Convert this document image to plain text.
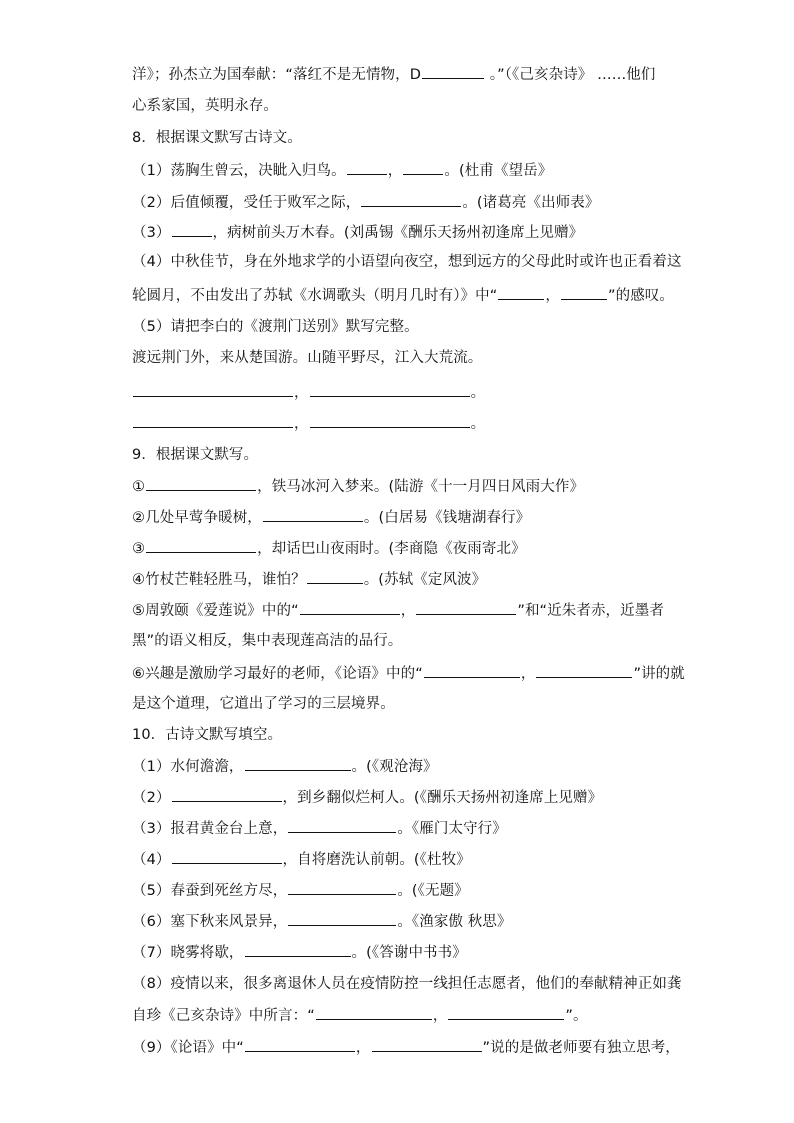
洋》；孙杰立为国奉献：“落红不是无情物，D	。”（《己亥杂诗》 ……他们
心系家国，英明永存。
8．根据课文默写古诗文。
（1）荡胸生曾云，决眦入归鸟。	，	。(杜甫《望岳》
（2）后值倾覆，受任于败军之际，	。(诸葛亮《出师表》
（3）	，病树前头万木春。(刘禹锡《酬乐天扬州初逢席上见赠》
（4）中秋佳节，身在外地求学的小语望向夜空，想到远方的父母此时或许也正看着这
轮圆月，不由发出了苏轼《水调歌头（明月几时有）》中“	，	”的感叹。
（5）请把李白的《渡荆门送别》默写完整。
渡远荆门外，来从楚国游。山随平野尽，江入大荒流。
，	。
，	。
9．根据课文默写。
①	，铁马冰河入梦来。(陆游《十一月四日风雨大作》
②几处早莺争暖树，	。(白居易《钱塘湖春行》
③	，却话巴山夜雨时。(李商隐《夜雨寄北》
④竹杖芒鞋轻胜马，谁怕？	。(苏轼《定风波》
⑤周敦颐《爱莲说》中的“	，	”和“近朱者赤，近墨者
黑”的语义相反，集中表现莲高洁的品行。
⑥兴趣是激励学习最好的老师，《论语》中的“	，	”讲的就
是这个道理，它道出了学习的三层境界。
10．古诗文默写填空。
（1）水何澹澹，	。(《观沧海》
（2）	，到乡翻似烂柯人。(《酬乐天扬州初逢席上见赠》
（3）报君黄金台上意，	。《雁门太守行》
（4）	，自将磨洗认前朝。(《杜牧》
（5）春蚕到死丝方尽，	。(《无题》
（6）塞下秋来风景异，	。《渔家傲 秋思》
（7）晓雾将歇，	。(《答谢中书书》
（8）疫情以来，很多离退休人员在疫情防控一线担任志愿者，他们的奉献精神正如龚
自珍《己亥杂诗》中所言：“	，	”。
（9）《论语》中“	，	”说的是做老师要有独立思考，
